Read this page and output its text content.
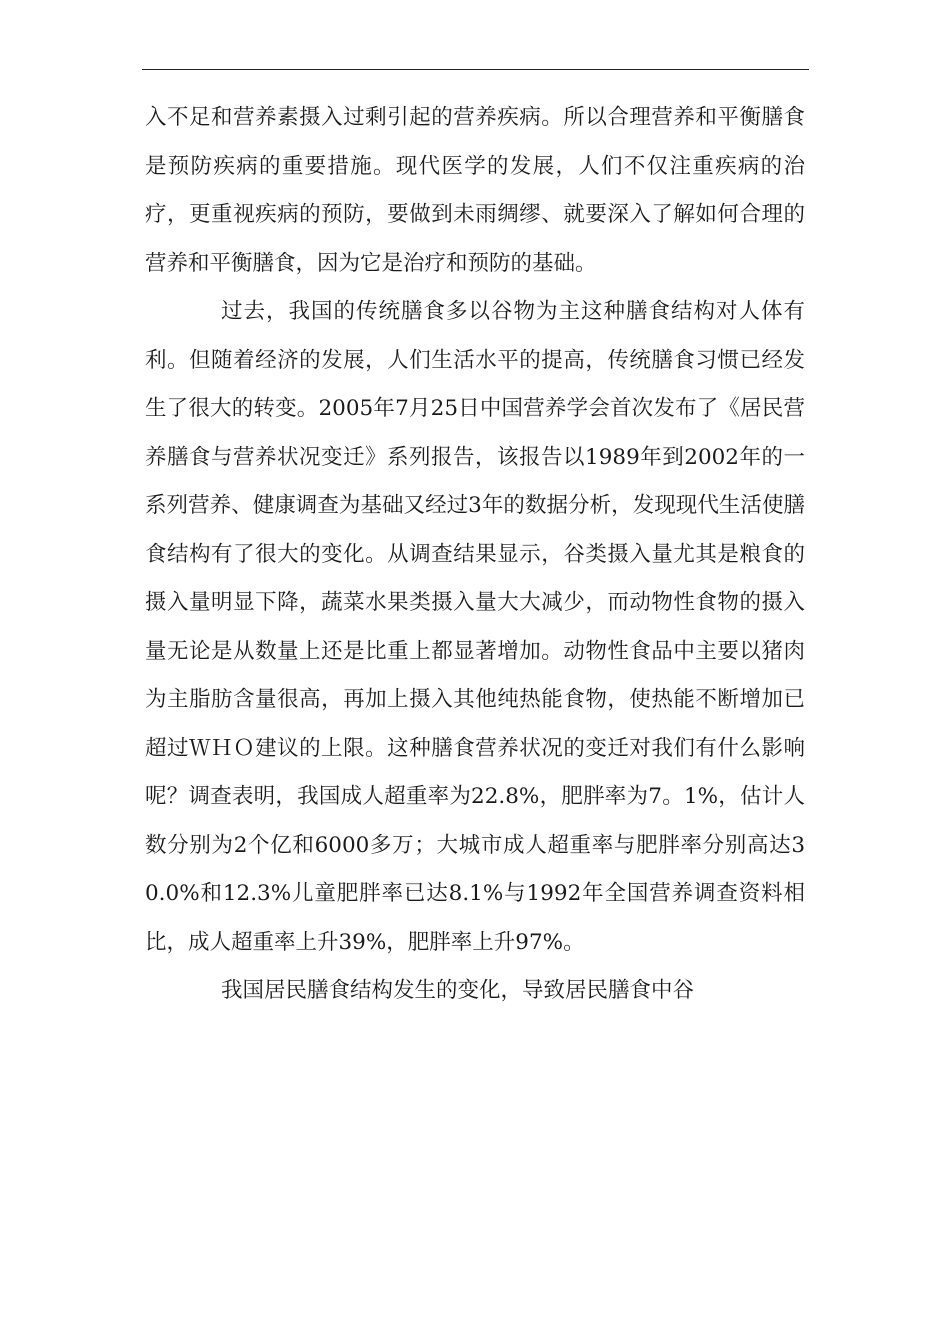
入不足和营养素摄入过剩引起的营养疾病。所以合理营养和平衡膳食是预防疾病的重要措施。现代医学的发展，人们不仅注重疾病的治疗，更重视疾病的预防，要做到未雨绸缪、就要深入了解如何合理的营养和平衡膳食，因为它是治疗和预防的基础。

过去，我国的传统膳食多以谷物为主这种膳食结构对人体有利。但随着经济的发展，人们生活水平的提高，传统膳食习惯已经发生了很大的转变。2005年7月25日中国营养学会首次发布了《居民营养膳食与营养状况变迁》系列报告，该报告以1989年到2002年的一系列营养、健康调查为基础又经过3年的数据分析，发现现代生活使膳食结构有了很大的变化。从调查结果显示，谷类摄入量尤其是粮食的摄入量明显下降，蔬菜水果类摄入量大大减少，而动物性食物的摄入量无论是从数量上还是比重上都显著增加。动物性食品中主要以猪肉为主脂肪含量很高，再加上摄入其他纯热能食物，使热能不断增加已超过ＷＨＯ建议的上限。这种膳食营养状况的变迁对我们有什么影响呢？调查表明，我国成人超重率为22.8%，肥胖率为7。1%，估计人数分别为2个亿和6000多万；大城市成人超重率与肥胖率分别高达30.0%和12.3%儿童肥胖率已达8.1%与1992年全国营养调查资料相比，成人超重率上升39%，肥胖率上升97%。

我国居民膳食结构发生的变化，导致居民膳食中谷
